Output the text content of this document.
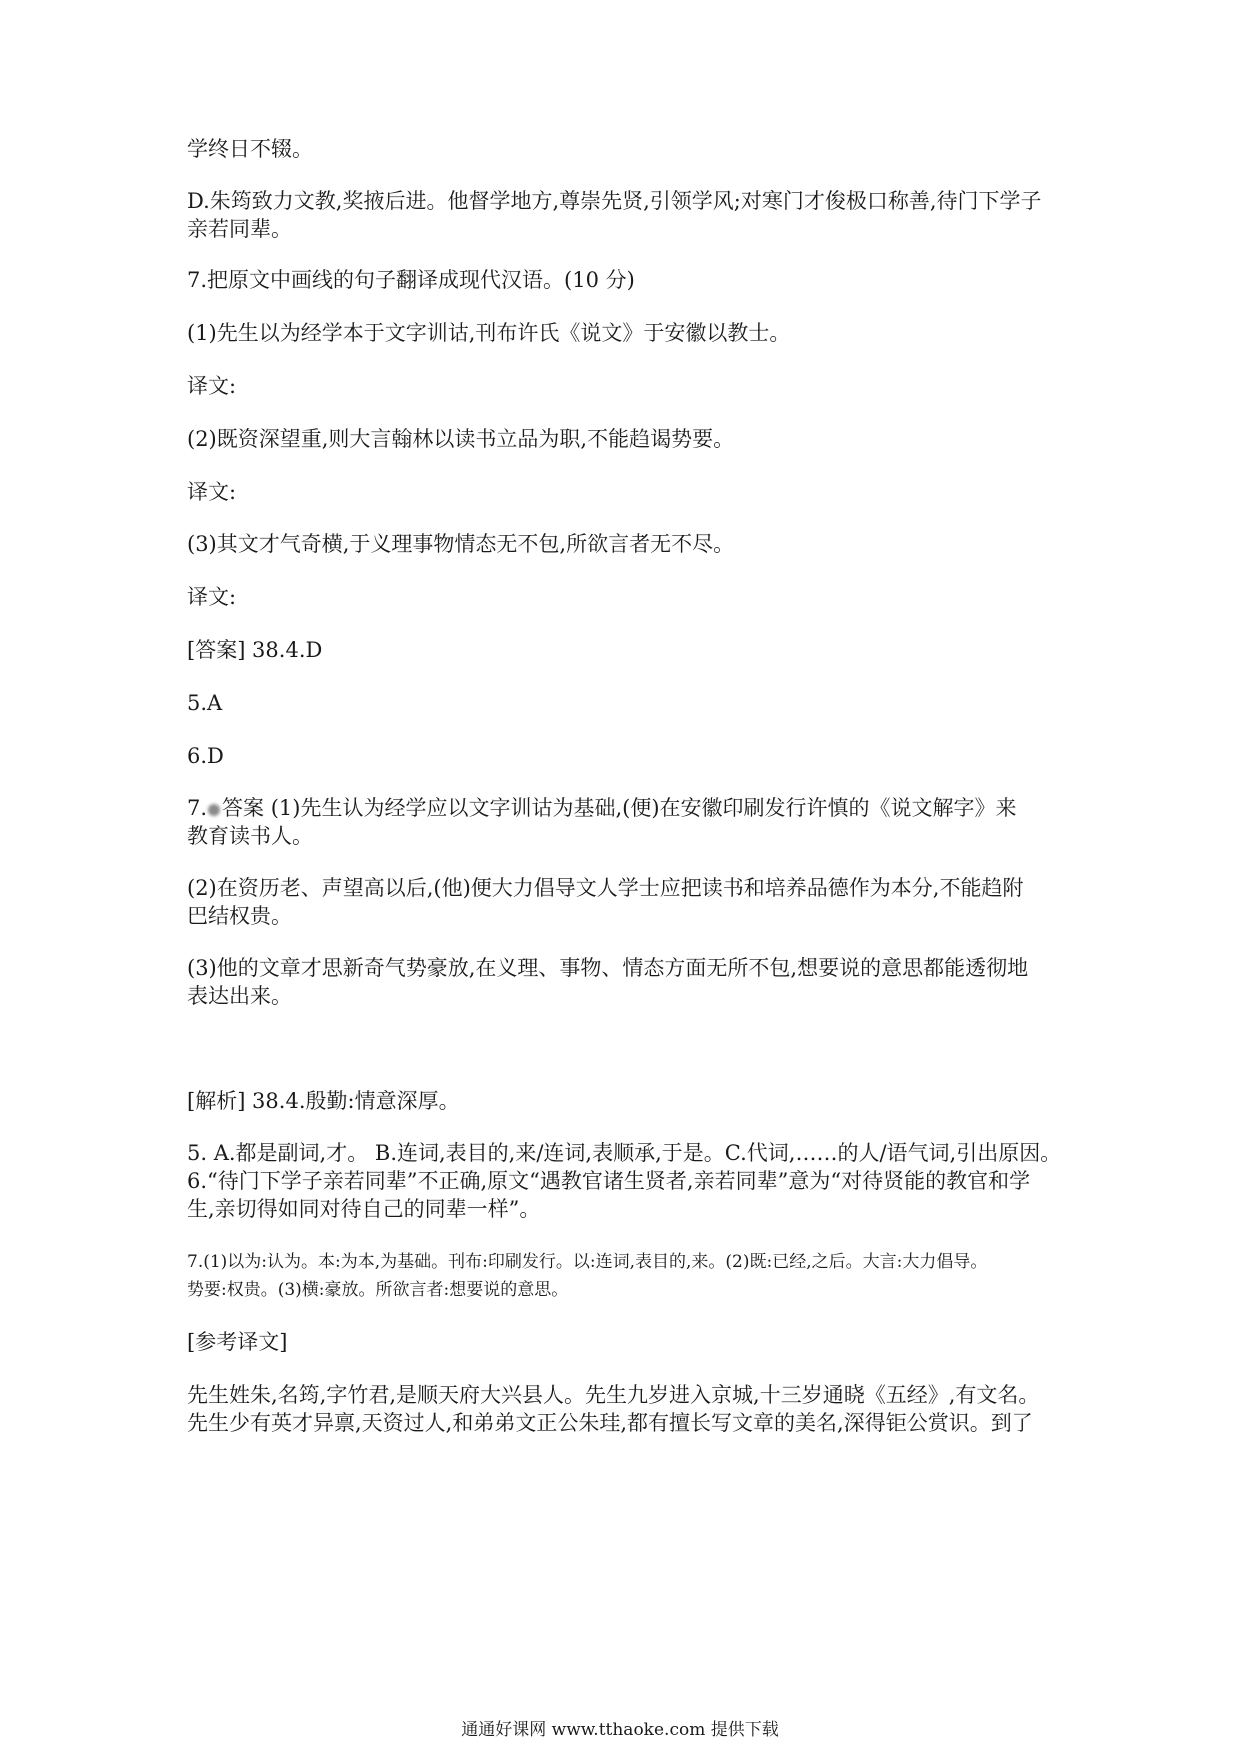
学终日不辍。
D.朱筠致力文教,奖掖后进。他督学地方,尊崇先贤,引领学风;对寒门才俊极口称善,待门下学子
亲若同辈。
7.把原文中画线的句子翻译成现代汉语。(10 分)
(1)先生以为经学本于文字训诂,刊布许氏《说文》于安徽以教士。
译文:
(2)既资深望重,则大言翰林以读书立品为职,不能趋谒势要。
译文:
(3)其文才气奇横,于义理事物情态无不包,所欲言者无不尽。
译文:
[答案] 38.4.D
5.A
6.D
7. 答案 (1)先生认为经学应以文字训诂为基础,(便)在安徽印刷发行许慎的《说文解字》来
教育读书人。
(2)在资历老、声望高以后,(他)便大力倡导文人学士应把读书和培养品德作为本分,不能趋附
巴结权贵。
(3)他的文章才思新奇气势豪放,在义理、事物、情态方面无所不包,想要说的意思都能透彻地
表达出来。
[解析] 38.4.殷勤:情意深厚。
5. A.都是副词,才。 B.连词,表目的,来/连词,表顺承,于是。C.代词,……的人/语气词,引出原因。
6.“待门下学子亲若同辈”不正确,原文“遇教官诸生贤者,亲若同辈”意为“对待贤能的教官和学
生,亲切得如同对待自己的同辈一样”。
7.(1)以为:认为。本:为本,为基础。刊布:印刷发行。以:连词,表目的,来。(2)既:已经,之后。大言:大力倡导。
势要:权贵。(3)横:豪放。所欲言者:想要说的意思。
[参考译文]
先生姓朱,名筠,字竹君,是顺天府大兴县人。先生九岁进入京城,十三岁通晓《五经》,有文名。
先生少有英才异禀,天资过人,和弟弟文正公朱珪,都有擅长写文章的美名,深得钜公赏识。到了
通通好课网 www.tthaoke.com 提供下载
